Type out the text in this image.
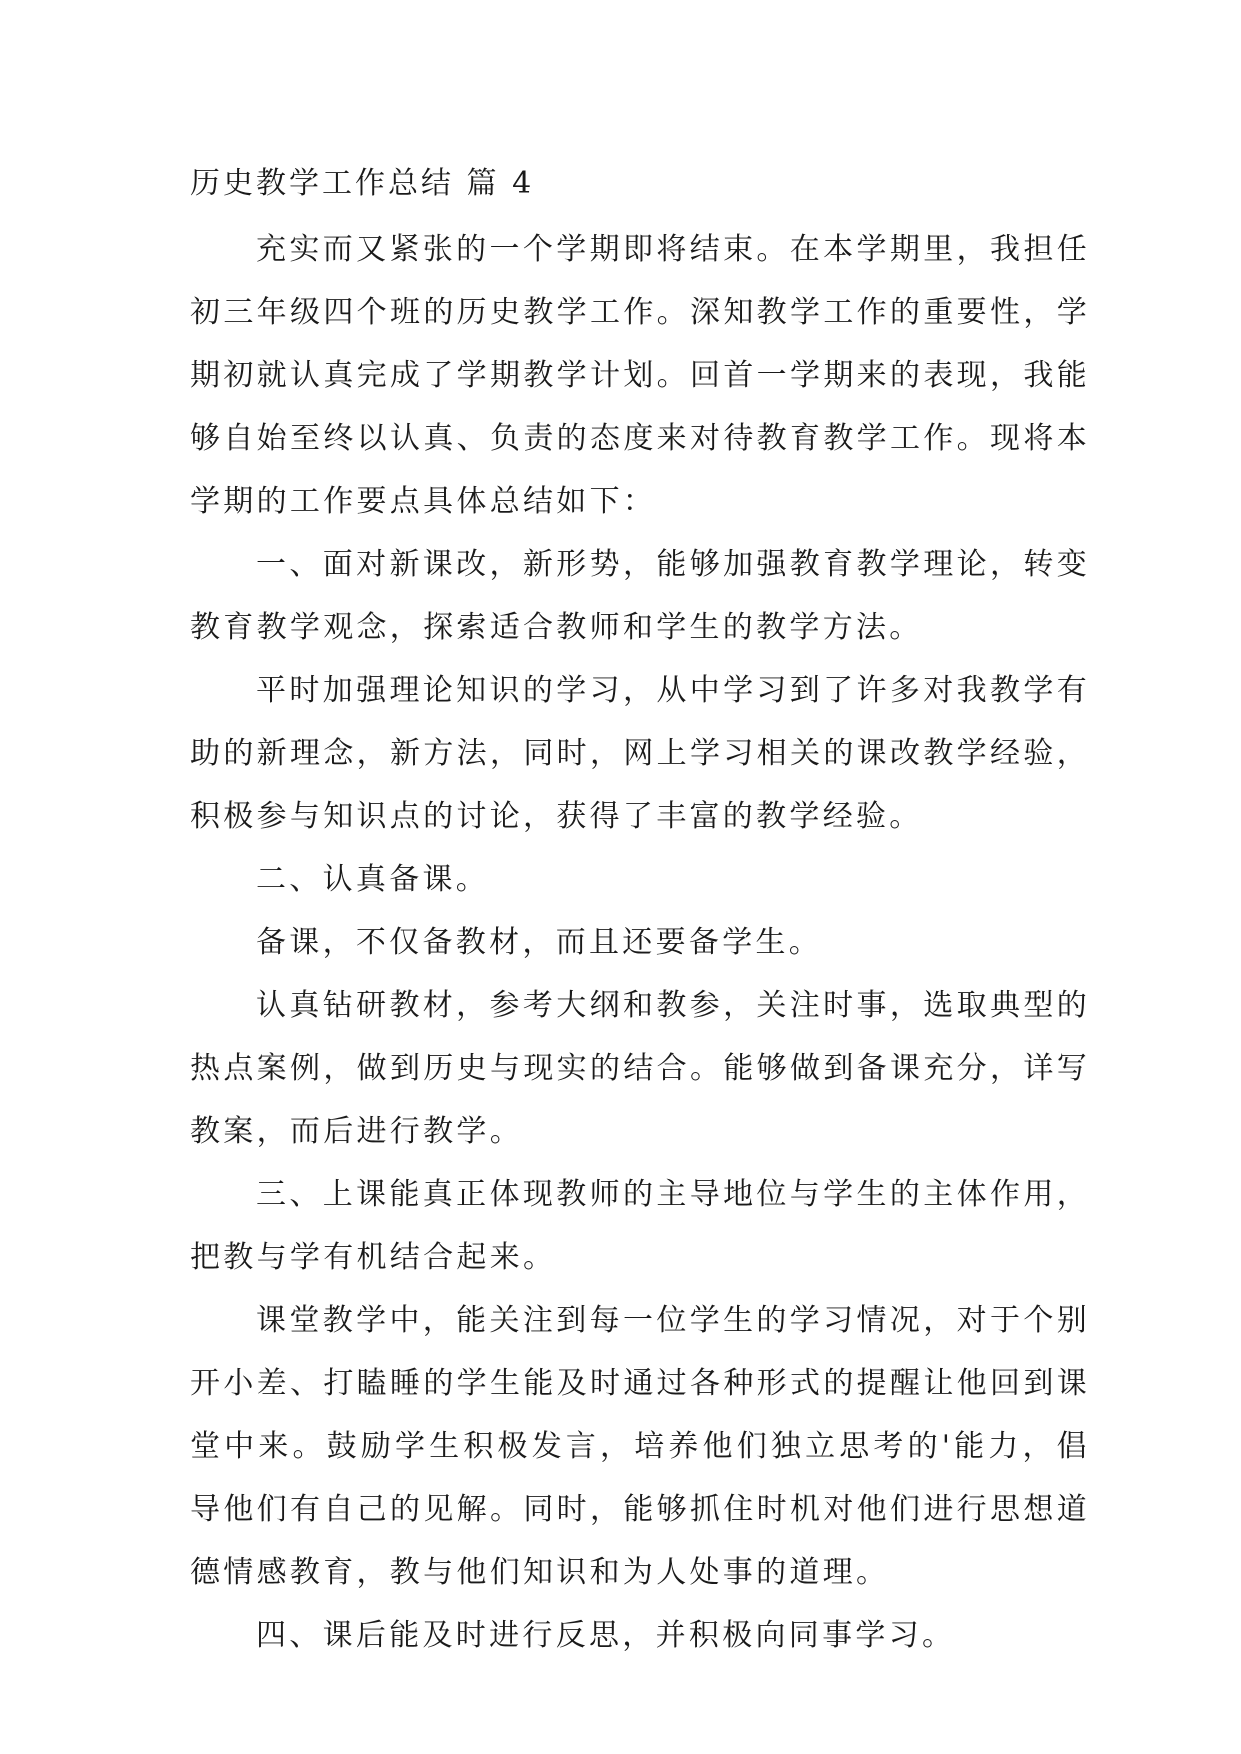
历史教学工作总结 篇 4

充实而又紧张的一个学期即将结束。在本学期里，我担任初三年级四个班的历史教学工作。深知教学工作的重要性，学期初就认真完成了学期教学计划。回首一学期来的表现，我能够自始至终以认真、负责的态度来对待教育教学工作。现将本学期的工作要点具体总结如下：

一、面对新课改，新形势，能够加强教育教学理论，转变教育教学观念，探索适合教师和学生的教学方法。

平时加强理论知识的学习，从中学习到了许多对我教学有助的新理念，新方法，同时，网上学习相关的课改教学经验，积极参与知识点的讨论，获得了丰富的教学经验。

二、认真备课。

备课，不仅备教材，而且还要备学生。

认真钻研教材，参考大纲和教参，关注时事，选取典型的热点案例，做到历史与现实的结合。能够做到备课充分，详写教案，而后进行教学。

三、上课能真正体现教师的主导地位与学生的主体作用，把教与学有机结合起来。

课堂教学中，能关注到每一位学生的学习情况，对于个别开小差、打瞌睡的学生能及时通过各种形式的提醒让他回到课堂中来。鼓励学生积极发言，培养他们独立思考的'能力，倡导他们有自己的见解。同时，能够抓住时机对他们进行思想道德情感教育，教与他们知识和为人处事的道理。

四、课后能及时进行反思，并积极向同事学习。
